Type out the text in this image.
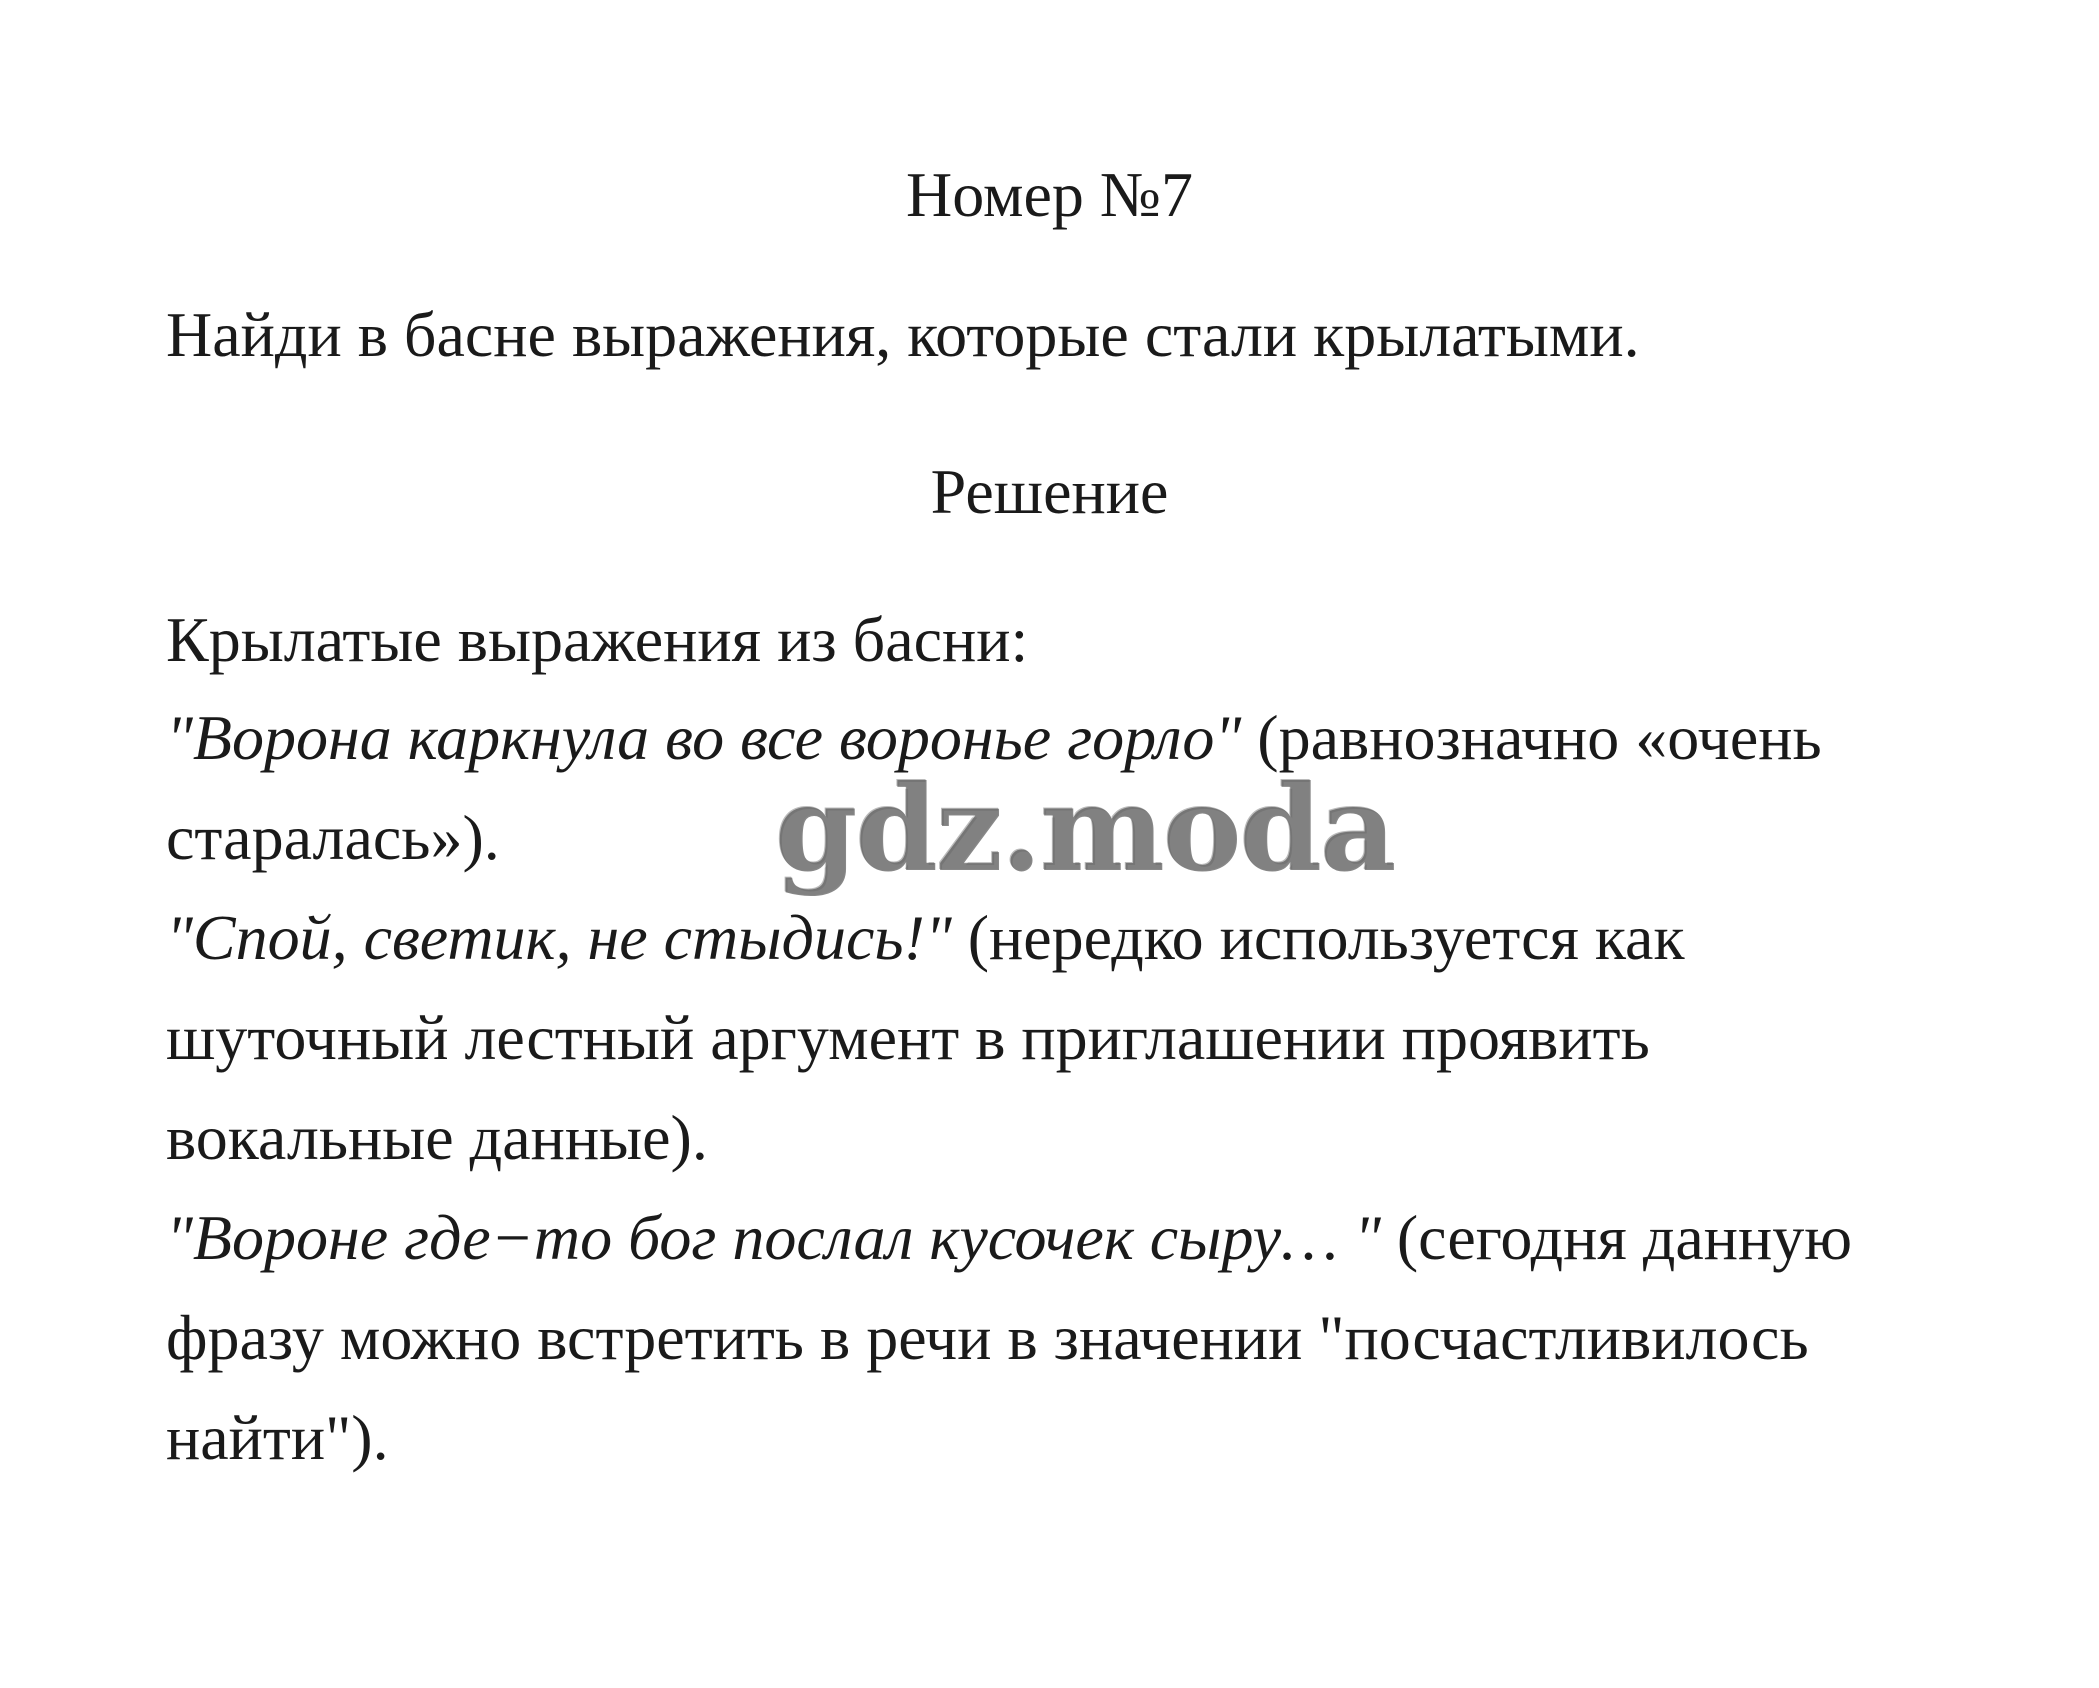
Номер №7

Найди в басне выражения, которые стали крылатыми.

Решение

Крылатые выражения из басни:

"Ворона каркнула во все воронье горло" (равнозначно «очень

старалась»).

"Спой, светик, не стыдись!" (нередко используется как

шуточный лестный аргумент в приглашении проявить

вокальные данные).

"Вороне где−то бог послал кусочек сыру… " (сегодня данную

фразу можно встретить в речи в значении "посчастливилось

найти").

gdz.moda
